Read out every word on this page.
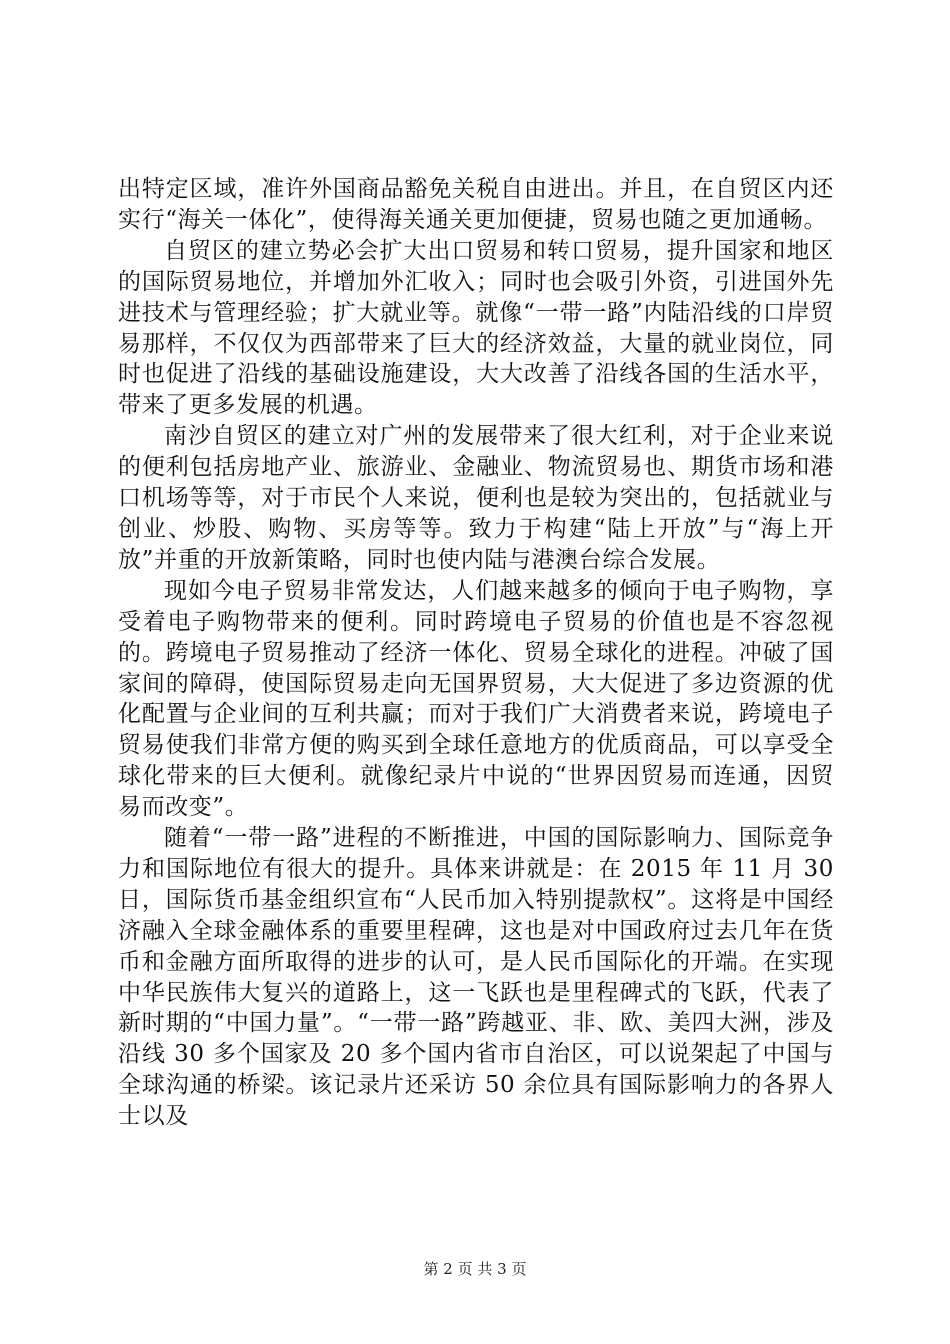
出特定区域，准许外国商品豁免关税自由进出。并且，在自贸区内还实行“海关一体化”，使得海关通关更加便捷，贸易也随之更加通畅。

自贸区的建立势必会扩大出口贸易和转口贸易，提升国家和地区的国际贸易地位，并增加外汇收入；同时也会吸引外资，引进国外先进技术与管理经验；扩大就业等。就像“一带一路”内陆沿线的口岸贸易那样，不仅仅为西部带来了巨大的经济效益，大量的就业岗位，同时也促进了沿线的基础设施建设，大大改善了沿线各国的生活水平，带来了更多发展的机遇。

南沙自贸区的建立对广州的发展带来了很大红利，对于企业来说的便利包括房地产业、旅游业、金融业、物流贸易也、期货市场和港口机场等等，对于市民个人来说，便利也是较为突出的，包括就业与创业、炒股、购物、买房等等。致力于构建“陆上开放”与“海上开放”并重的开放新策略，同时也使内陆与港澳台综合发展。

现如今电子贸易非常发达，人们越来越多的倾向于电子购物，享受着电子购物带来的便利。同时跨境电子贸易的价值也是不容忽视的。跨境电子贸易推动了经济一体化、贸易全球化的进程。冲破了国家间的障碍，使国际贸易走向无国界贸易，大大促进了多边资源的优化配置与企业间的互利共赢；而对于我们广大消费者来说，跨境电子贸易使我们非常方便的购买到全球任意地方的优质商品，可以享受全球化带来的巨大便利。就像纪录片中说的“世界因贸易而连通，因贸易而改变”。

随着“一带一路”进程的不断推进，中国的国际影响力、国际竞争力和国际地位有很大的提升。具体来讲就是：在 2015 年 11 月 30 日，国际货币基金组织宣布“人民币加入特别提款权”。这将是中国经济融入全球金融体系的重要里程碑，这也是对中国政府过去几年在货币和金融方面所取得的进步的认可，是人民币国际化的开端。在实现中华民族伟大复兴的道路上，这一飞跃也是里程碑式的飞跃，代表了新时期的“中国力量”。“一带一路”跨越亚、非、欧、美四大洲，涉及沿线 30 多个国家及 20 多个国内省市自治区，可以说架起了中国与全球沟通的桥梁。该记录片还采访 50 余位具有国际影响力的各界人士以及

第 2 页 共 3 页
